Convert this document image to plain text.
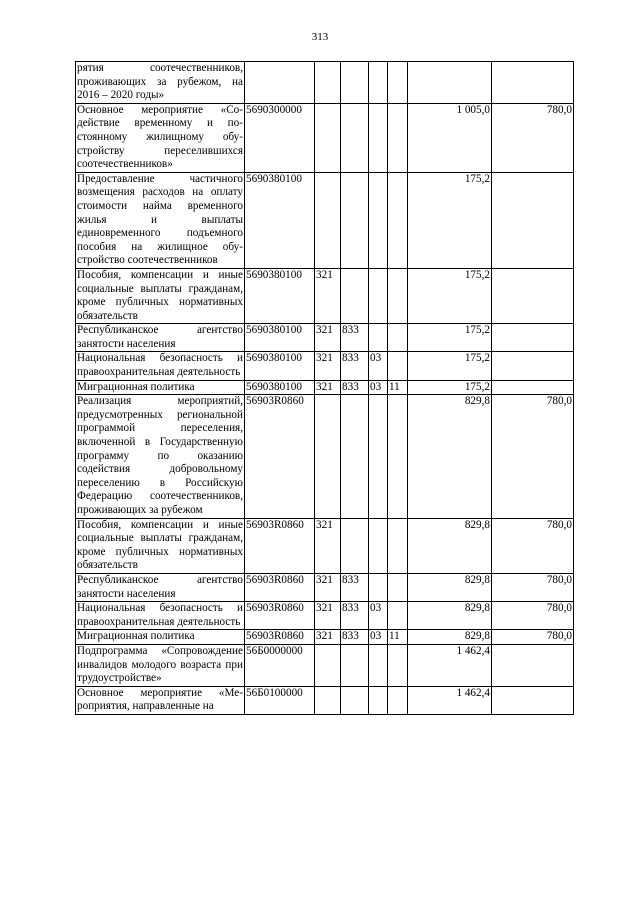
313
рятия соотечественников, проживающих за рубежом, на 2016 – 2020 годы»							
Основное мероприятие «Содействие временному и постоянному жилищному обустройству переселившихся соотечественников»	5690300000					1 005,0	780,0
Предоставление частичного возмещения расходов на оплату стоимости найма временного жилья и выплаты единовременного подъемного пособия на жилищное обустройство соотечественников	5690380100					175,2	
Пособия, компенсации и иные социальные выплаты гражданам, кроме публичных нормативных обязательств	5690380100	321				175,2	
Республиканское агентство занятости населения	5690380100	321	833			175,2	
Национальная безопасность и правоохранительная деятельность	5690380100	321	833	03		175,2	
Миграционная политика	5690380100	321	833	03	11	175,2	
Реализация мероприятий, предусмотренных региональной программой переселения, включенной в Государственную программу по оказанию содействия добровольному переселению в Российскую Федерацию соотечественников, проживающих за рубежом	56903R0860					829,8	780,0
Пособия, компенсации и иные социальные выплаты гражданам, кроме публичных нормативных обязательств	56903R0860	321				829,8	780,0
Республиканское агентство занятости населения	56903R0860	321	833			829,8	780,0
Национальная безопасность и правоохранительная деятельность	56903R0860	321	833	03		829,8	780,0
Миграционная политика	56903R0860	321	833	03	11	829,8	780,0
Подпрограмма «Сопровождение инвалидов молодого возраста при трудоустройстве»	56Б0000000					1 462,4	
Основное мероприятие «Мероприятия, направленные на	56Б0100000					1 462,4	
